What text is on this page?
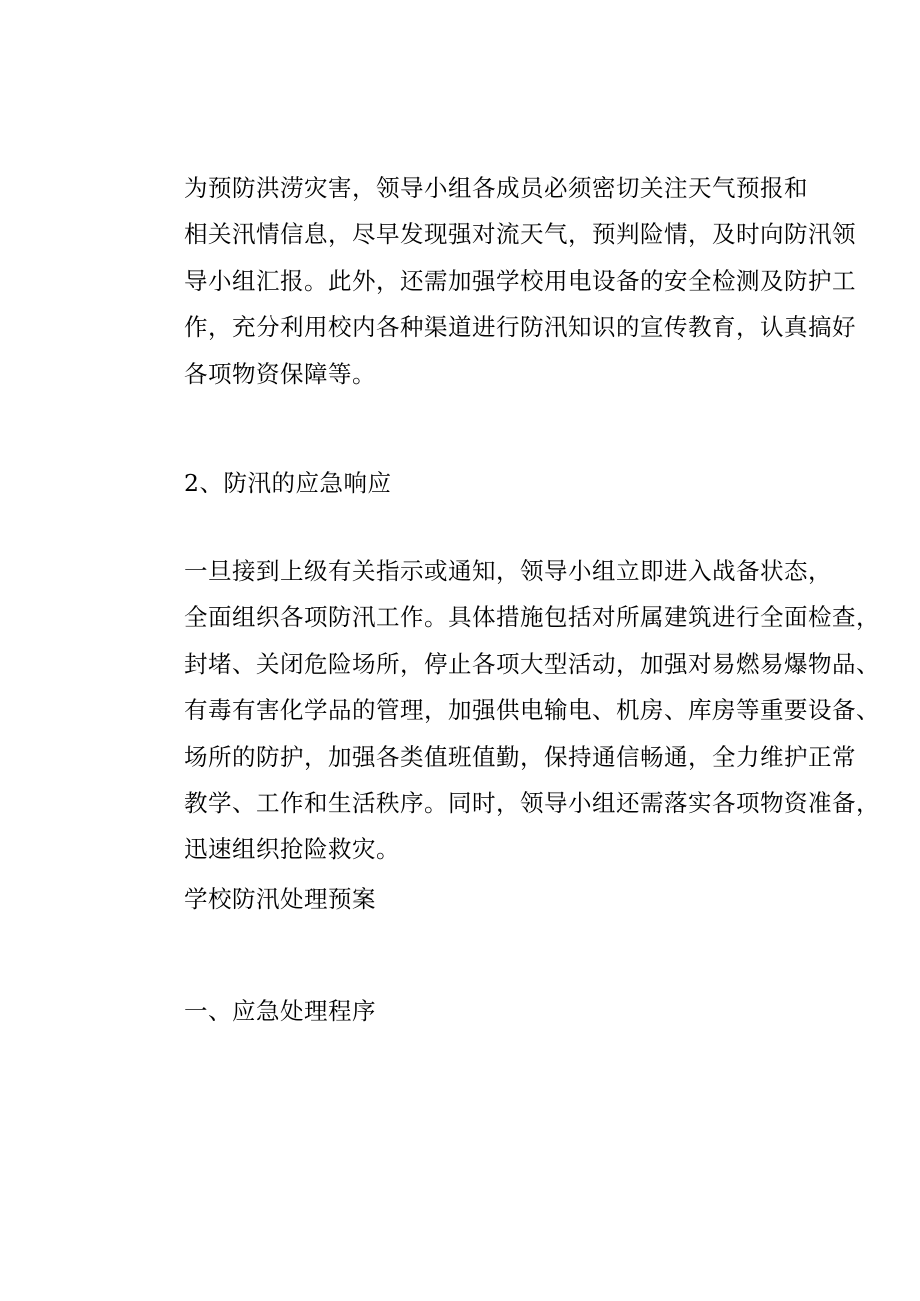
为预防洪涝灾害，领导小组各成员必须密切关注天气预报和
相关汛情信息，尽早发现强对流天气，预判险情，及时向防汛领
导小组汇报。此外，还需加强学校用电设备的安全检测及防护工
作，充分利用校内各种渠道进行防汛知识的宣传教育，认真搞好
各项物资保障等。

2、防汛的应急响应

一旦接到上级有关指示或通知，领导小组立即进入战备状态，
全面组织各项防汛工作。具体措施包括对所属建筑进行全面检查，
封堵、关闭危险场所，停止各项大型活动，加强对易燃易爆物品、
有毒有害化学品的管理，加强供电输电、机房、库房等重要设备、
场所的防护，加强各类值班值勤，保持通信畅通，全力维护正常
教学、工作和生活秩序。同时，领导小组还需落实各项物资准备，
迅速组织抢险救灾。

学校防汛处理预案
一、应急处理程序
